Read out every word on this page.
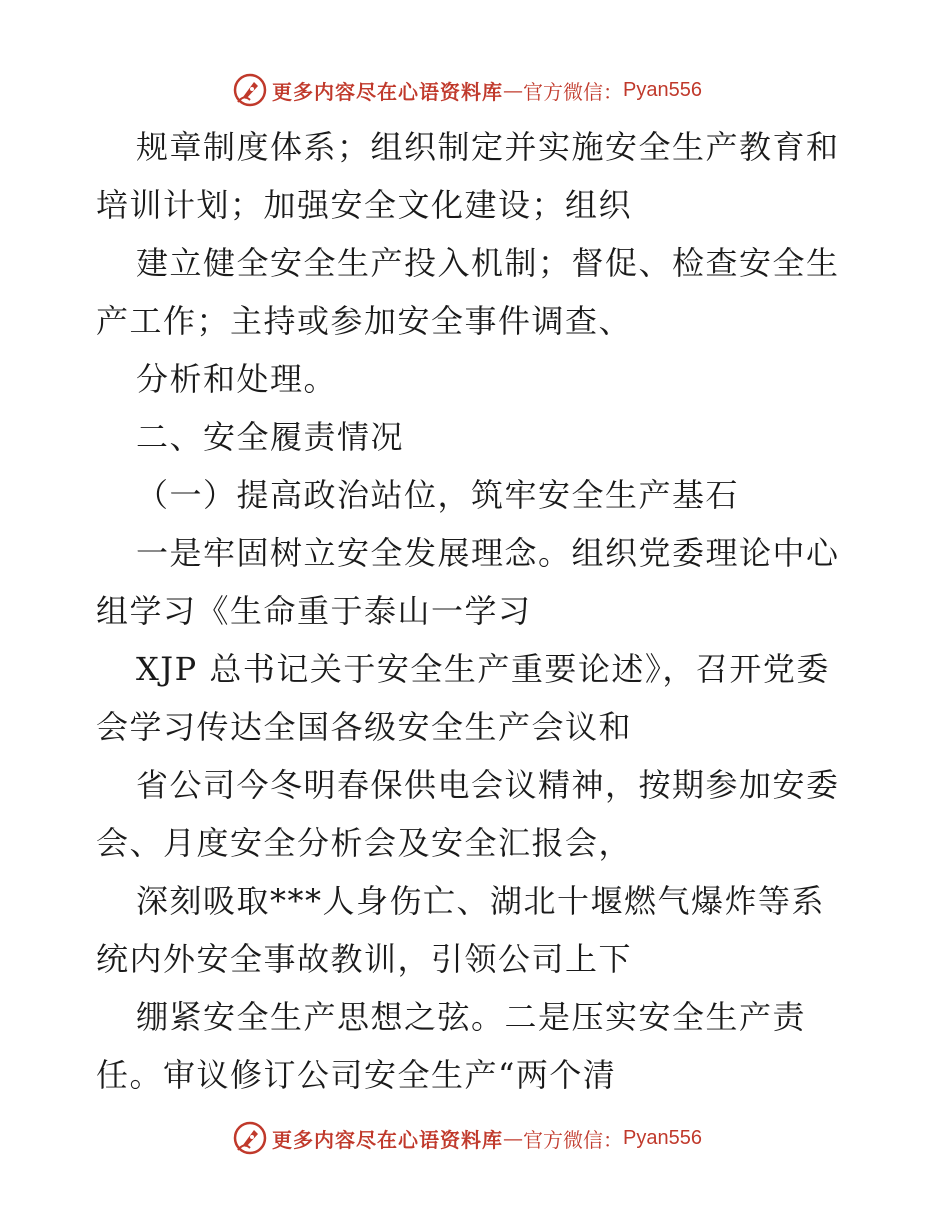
更多内容尽在心语资料库 — 官方微信： Pyan556
规章制度体系；组织制定并实施安全生产教育和
培训计划；加强安全文化建设；组织
建立健全安全生产投入机制；督促、检查安全生
产工作；主持或参加安全事件调查、
分析和处理。
二、安全履责情况
（一）提高政治站位，筑牢安全生产基石
一是牢固树立安全发展理念。组织党委理论中心
组学习《生命重于泰山一学习
XJP 总书记关于安全生产重要论述》，召开党委
会学习传达全国各级安全生产会议和
省公司今冬明春保供电会议精神，按期参加安委
会、月度安全分析会及安全汇报会，
深刻吸取***人身伤亡、湖北十堰燃气爆炸等系
统内外安全事故教训，引领公司上下
绷紧安全生产思想之弦。二是压实安全生产责
任。审议修订公司安全生产“两个清
更多内容尽在心语资料库 — 官方微信： Pyan556
